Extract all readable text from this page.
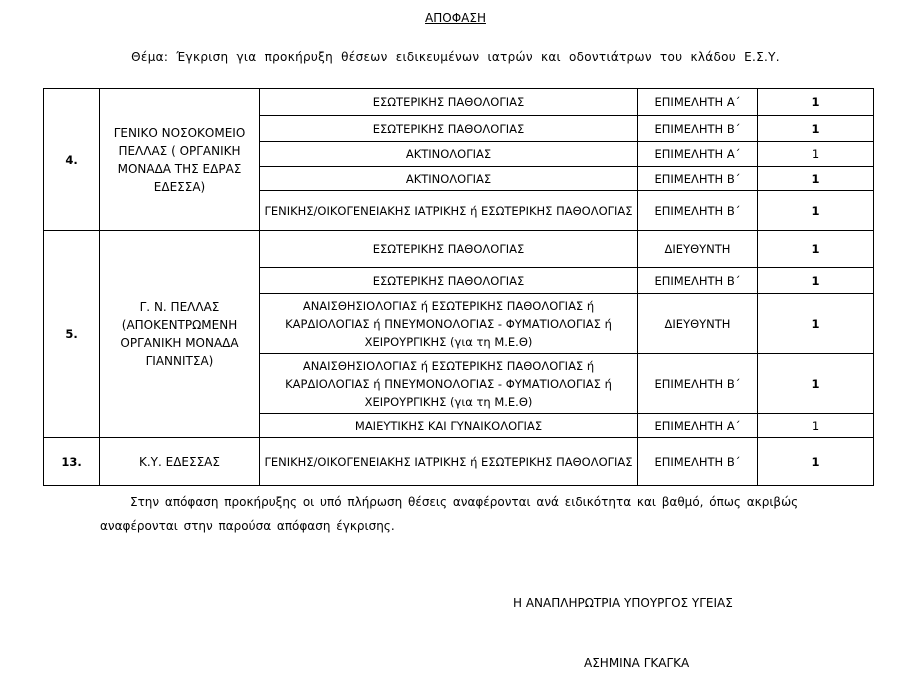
ΑΠΟΦΑΣΗ
Θέμα: Έγκριση για προκήρυξη θέσεων ειδικευμένων ιατρών και οδοντιάτρων του κλάδου Ε.Σ.Υ.
4.	ΓΕΝΙΚΟ ΝΟΣΟΚΟΜΕΙΟ ΠΕΛΛΑΣ ( ΟΡΓΑΝΙΚΗ ΜΟΝΑΔΑ ΤΗΣ ΕΔΡΑΣ ΕΔΕΣΣΑ)	ΕΣΩΤΕΡΙΚΗΣ ΠΑΘΟΛΟΓΙΑΣ	ΕΠΙΜΕΛΗΤΗ Α΄	1
		ΕΣΩΤΕΡΙΚΗΣ ΠΑΘΟΛΟΓΙΑΣ	ΕΠΙΜΕΛΗΤΗ Β΄	1
		ΑΚΤΙΝΟΛΟΓΙΑΣ	ΕΠΙΜΕΛΗΤΗ Α΄	1
		ΑΚΤΙΝΟΛΟΓΙΑΣ	ΕΠΙΜΕΛΗΤΗ Β΄	1
		ΓΕΝΙΚΗΣ/ΟΙΚΟΓΕΝΕΙΑΚΗΣ ΙΑΤΡΙΚΗΣ ή ΕΣΩΤΕΡΙΚΗΣ ΠΑΘΟΛΟΓΙΑΣ	ΕΠΙΜΕΛΗΤΗ Β΄	1
5.	Γ. Ν. ΠΕΛΛΑΣ (ΑΠΟΚΕΝΤΡΩΜΕΝΗ ΟΡΓΑΝΙΚΗ ΜΟΝΑΔΑ ΓΙΑΝΝΙΤΣΑ)	ΕΣΩΤΕΡΙΚΗΣ ΠΑΘΟΛΟΓΙΑΣ	ΔΙΕΥΘΥΝΤΗ	1
		ΕΣΩΤΕΡΙΚΗΣ ΠΑΘΟΛΟΓΙΑΣ	ΕΠΙΜΕΛΗΤΗ Β΄	1
		ΑΝΑΙΣΘΗΣΙΟΛΟΓΙΑΣ ή ΕΣΩΤΕΡΙΚΗΣ ΠΑΘΟΛΟΓΙΑΣ ή ΚΑΡΔΙΟΛΟΓΙΑΣ ή ΠΝΕΥΜΟΝΟΛΟΓΙΑΣ - ΦΥΜΑΤΙΟΛΟΓΙΑΣ ή ΧΕΙΡΟΥΡΓΙΚΗΣ (για τη Μ.Ε.Θ)	ΔΙΕΥΘΥΝΤΗ	1
		ΑΝΑΙΣΘΗΣΙΟΛΟΓΙΑΣ ή ΕΣΩΤΕΡΙΚΗΣ ΠΑΘΟΛΟΓΙΑΣ ή ΚΑΡΔΙΟΛΟΓΙΑΣ ή ΠΝΕΥΜΟΝΟΛΟΓΙΑΣ - ΦΥΜΑΤΙΟΛΟΓΙΑΣ ή ΧΕΙΡΟΥΡΓΙΚΗΣ (για τη Μ.Ε.Θ)	ΕΠΙΜΕΛΗΤΗ Β΄	1
		ΜΑΙΕΥΤΙΚΗΣ ΚΑΙ ΓΥΝΑΙΚΟΛΟΓΙΑΣ	ΕΠΙΜΕΛΗΤΗ Α΄	1
13.	Κ.Υ. ΕΔΕΣΣΑΣ	ΓΕΝΙΚΗΣ/ΟΙΚΟΓΕΝΕΙΑΚΗΣ ΙΑΤΡΙΚΗΣ ή ΕΣΩΤΕΡΙΚΗΣ ΠΑΘΟΛΟΓΙΑΣ	ΕΠΙΜΕΛΗΤΗ Β΄	1
Στην απόφαση προκήρυξης οι υπό πλήρωση θέσεις αναφέρονται ανά ειδικότητα και βαθμό, όπως ακριβώς αναφέρονται στην παρούσα απόφαση έγκρισης.
Η ΑΝΑΠΛΗΡΩΤΡΙΑ ΥΠΟΥΡΓΟΣ ΥΓΕΙΑΣ
ΑΣΗΜΙΝΑ ΓΚΑΓΚΑ
